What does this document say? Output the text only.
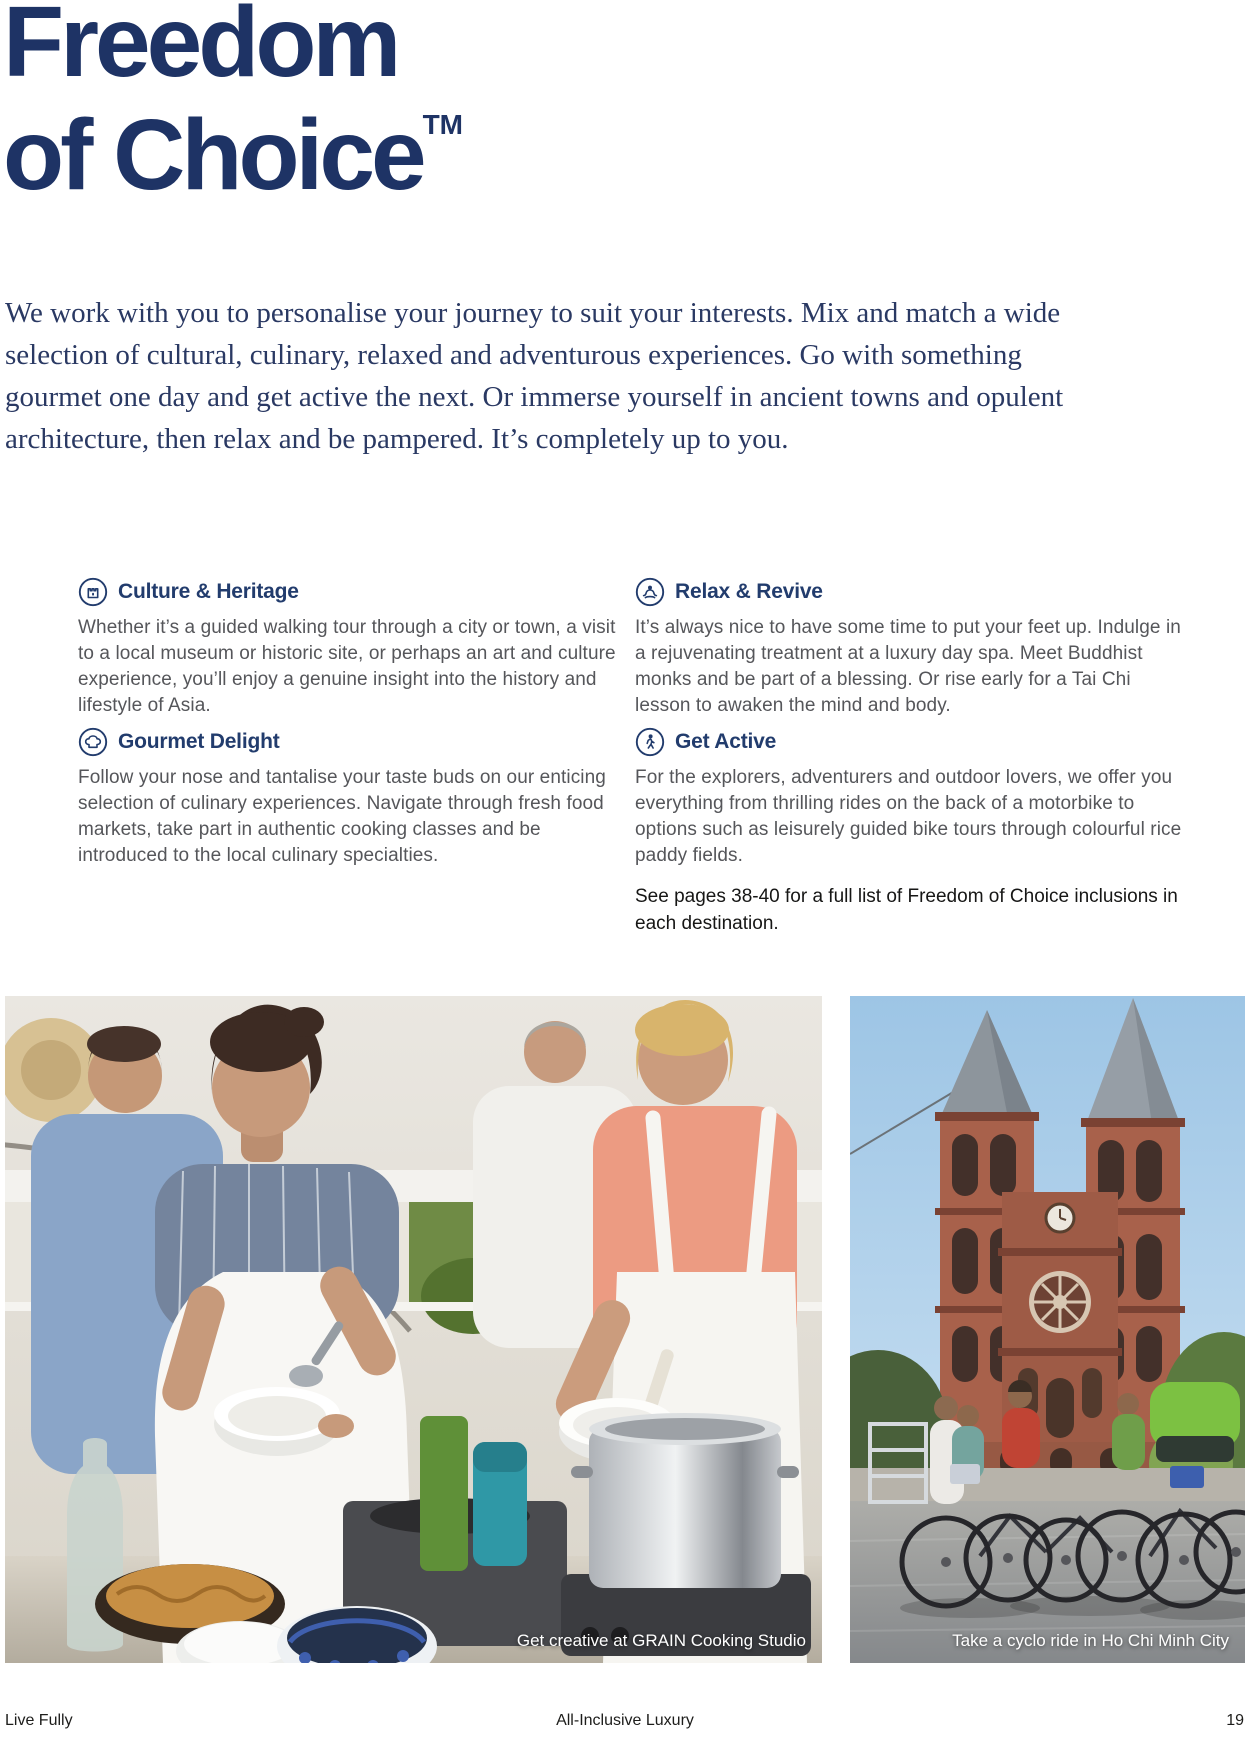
Freedom
of Choice™

We work with you to personalise your journey to suit your interests. Mix and match a wide selection of cultural, culinary, relaxed and adventurous experiences. Go with something gourmet one day and get active the next. Or immerse yourself in ancient towns and opulent architecture, then relax and be pampered. It’s completely up to you.

Culture & Heritage

Whether it’s a guided walking tour through a city or town, a visit to a local museum or historic site, or perhaps an art and culture experience, you’ll enjoy a genuine insight into the history and lifestyle of Asia.

Gourmet Delight

Follow your nose and tantalise your taste buds on our enticing selection of culinary experiences. Navigate through fresh food markets, take part in authentic cooking classes and be introduced to the local culinary specialties.

Relax & Revive

It’s always nice to have some time to put your feet up. Indulge in a rejuvenating treatment at a luxury day spa. Meet Buddhist monks and be part of a blessing. Or rise early for a Tai Chi lesson to awaken the mind and body.

Get Active

For the explorers, adventurers and outdoor lovers, we offer you everything from thrilling rides on the back of a motorbike to options such as leisurely guided bike tours through colourful rice paddy fields.

See pages 38-40 for a full list of Freedom of Choice inclusions in each destination.

Get creative at GRAIN Cooking Studio	Take a cyclo ride in Ho Chi Minh City
Live Fully	All-Inclusive Luxury	19
